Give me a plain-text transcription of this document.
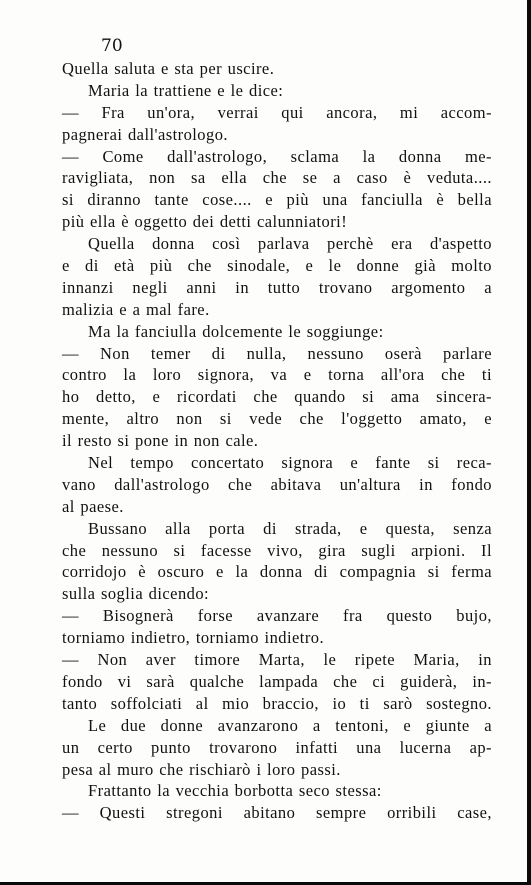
70

Quella saluta e sta per uscire.
Maria la trattiene e le dice:
— Fra un'ora, verrai qui ancora, mi accom-
pagnerai dall'astrologo.
— Come dall'astrologo, sclama la donna me-
ravigliata, non sa ella che se a caso è veduta....
si diranno tante cose.... e più una fanciulla è bella
più ella è oggetto dei detti calunniatori!
Quella donna così parlava perchè era d'aspetto
e di età più che sinodale, e le donne già molto
innanzi negli anni in tutto trovano argomento a
malizia e a mal fare.
Ma la fanciulla dolcemente le soggiunge:
— Non temer di nulla, nessuno oserà parlare
contro la loro signora, va e torna all'ora che ti
ho detto, e ricordati che quando si ama sincera-
mente, altro non si vede che l'oggetto amato, e
il resto si pone in non cale.
Nel tempo concertato signora e fante si reca-
vano dall'astrologo che abitava un'altura in fondo
al paese.
Bussano alla porta di strada, e questa, senza
che nessuno si facesse vivo, gira sugli arpioni. Il
corridojo è oscuro e la donna di compagnia si ferma
sulla soglia dicendo:
— Bisognerà forse avanzare fra questo bujo,
torniamo indietro, torniamo indietro.
— Non aver timore Marta, le ripete Maria, in
fondo vi sarà qualche lampada che ci guiderà, in-
tanto soffolciati al mio braccio, io ti sarò sostegno.
Le due donne avanzarono a tentoni, e giunte a
un certo punto trovarono infatti una lucerna ap-
pesa al muro che rischiarò i loro passi.
Frattanto la vecchia borbotta seco stessa:
— Questi stregoni abitano sempre orribili case,
